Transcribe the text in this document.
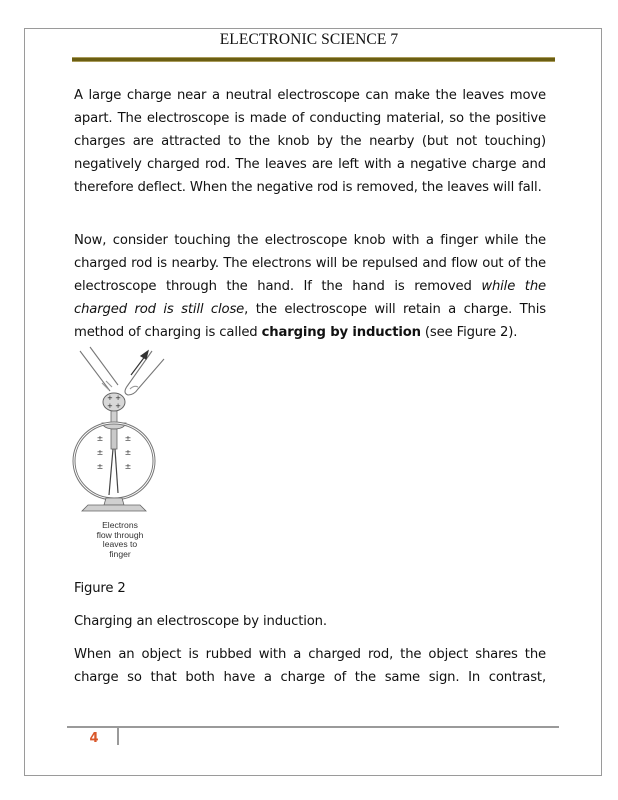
ELECTRONIC SCIENCE 7

A large charge near a neutral electroscope can make the leaves move apart. The electroscope is made of conducting material, so the positive charges are attracted to the knob by the nearby (but not touching) negatively charged rod. The leaves are left with a negative charge and therefore deflect. When the negative rod is removed, the leaves will fall.

Now, consider touching the electroscope knob with a finger while the charged rod is nearby. The electrons will be repulsed and flow out of the electroscope through the hand. If the hand is removed while the charged rod is still close, the electroscope will retain a charge. This method of charging is called charging by induction (see Figure 2).

+ +
+ +
±	±
±	±
±	±
Electrons
flow through
leaves to
finger

Figure 2

Charging an electroscope by induction.

When an object is rubbed with a charged rod, the object shares the charge so that both have a charge of the same sign. In contrast,

4
